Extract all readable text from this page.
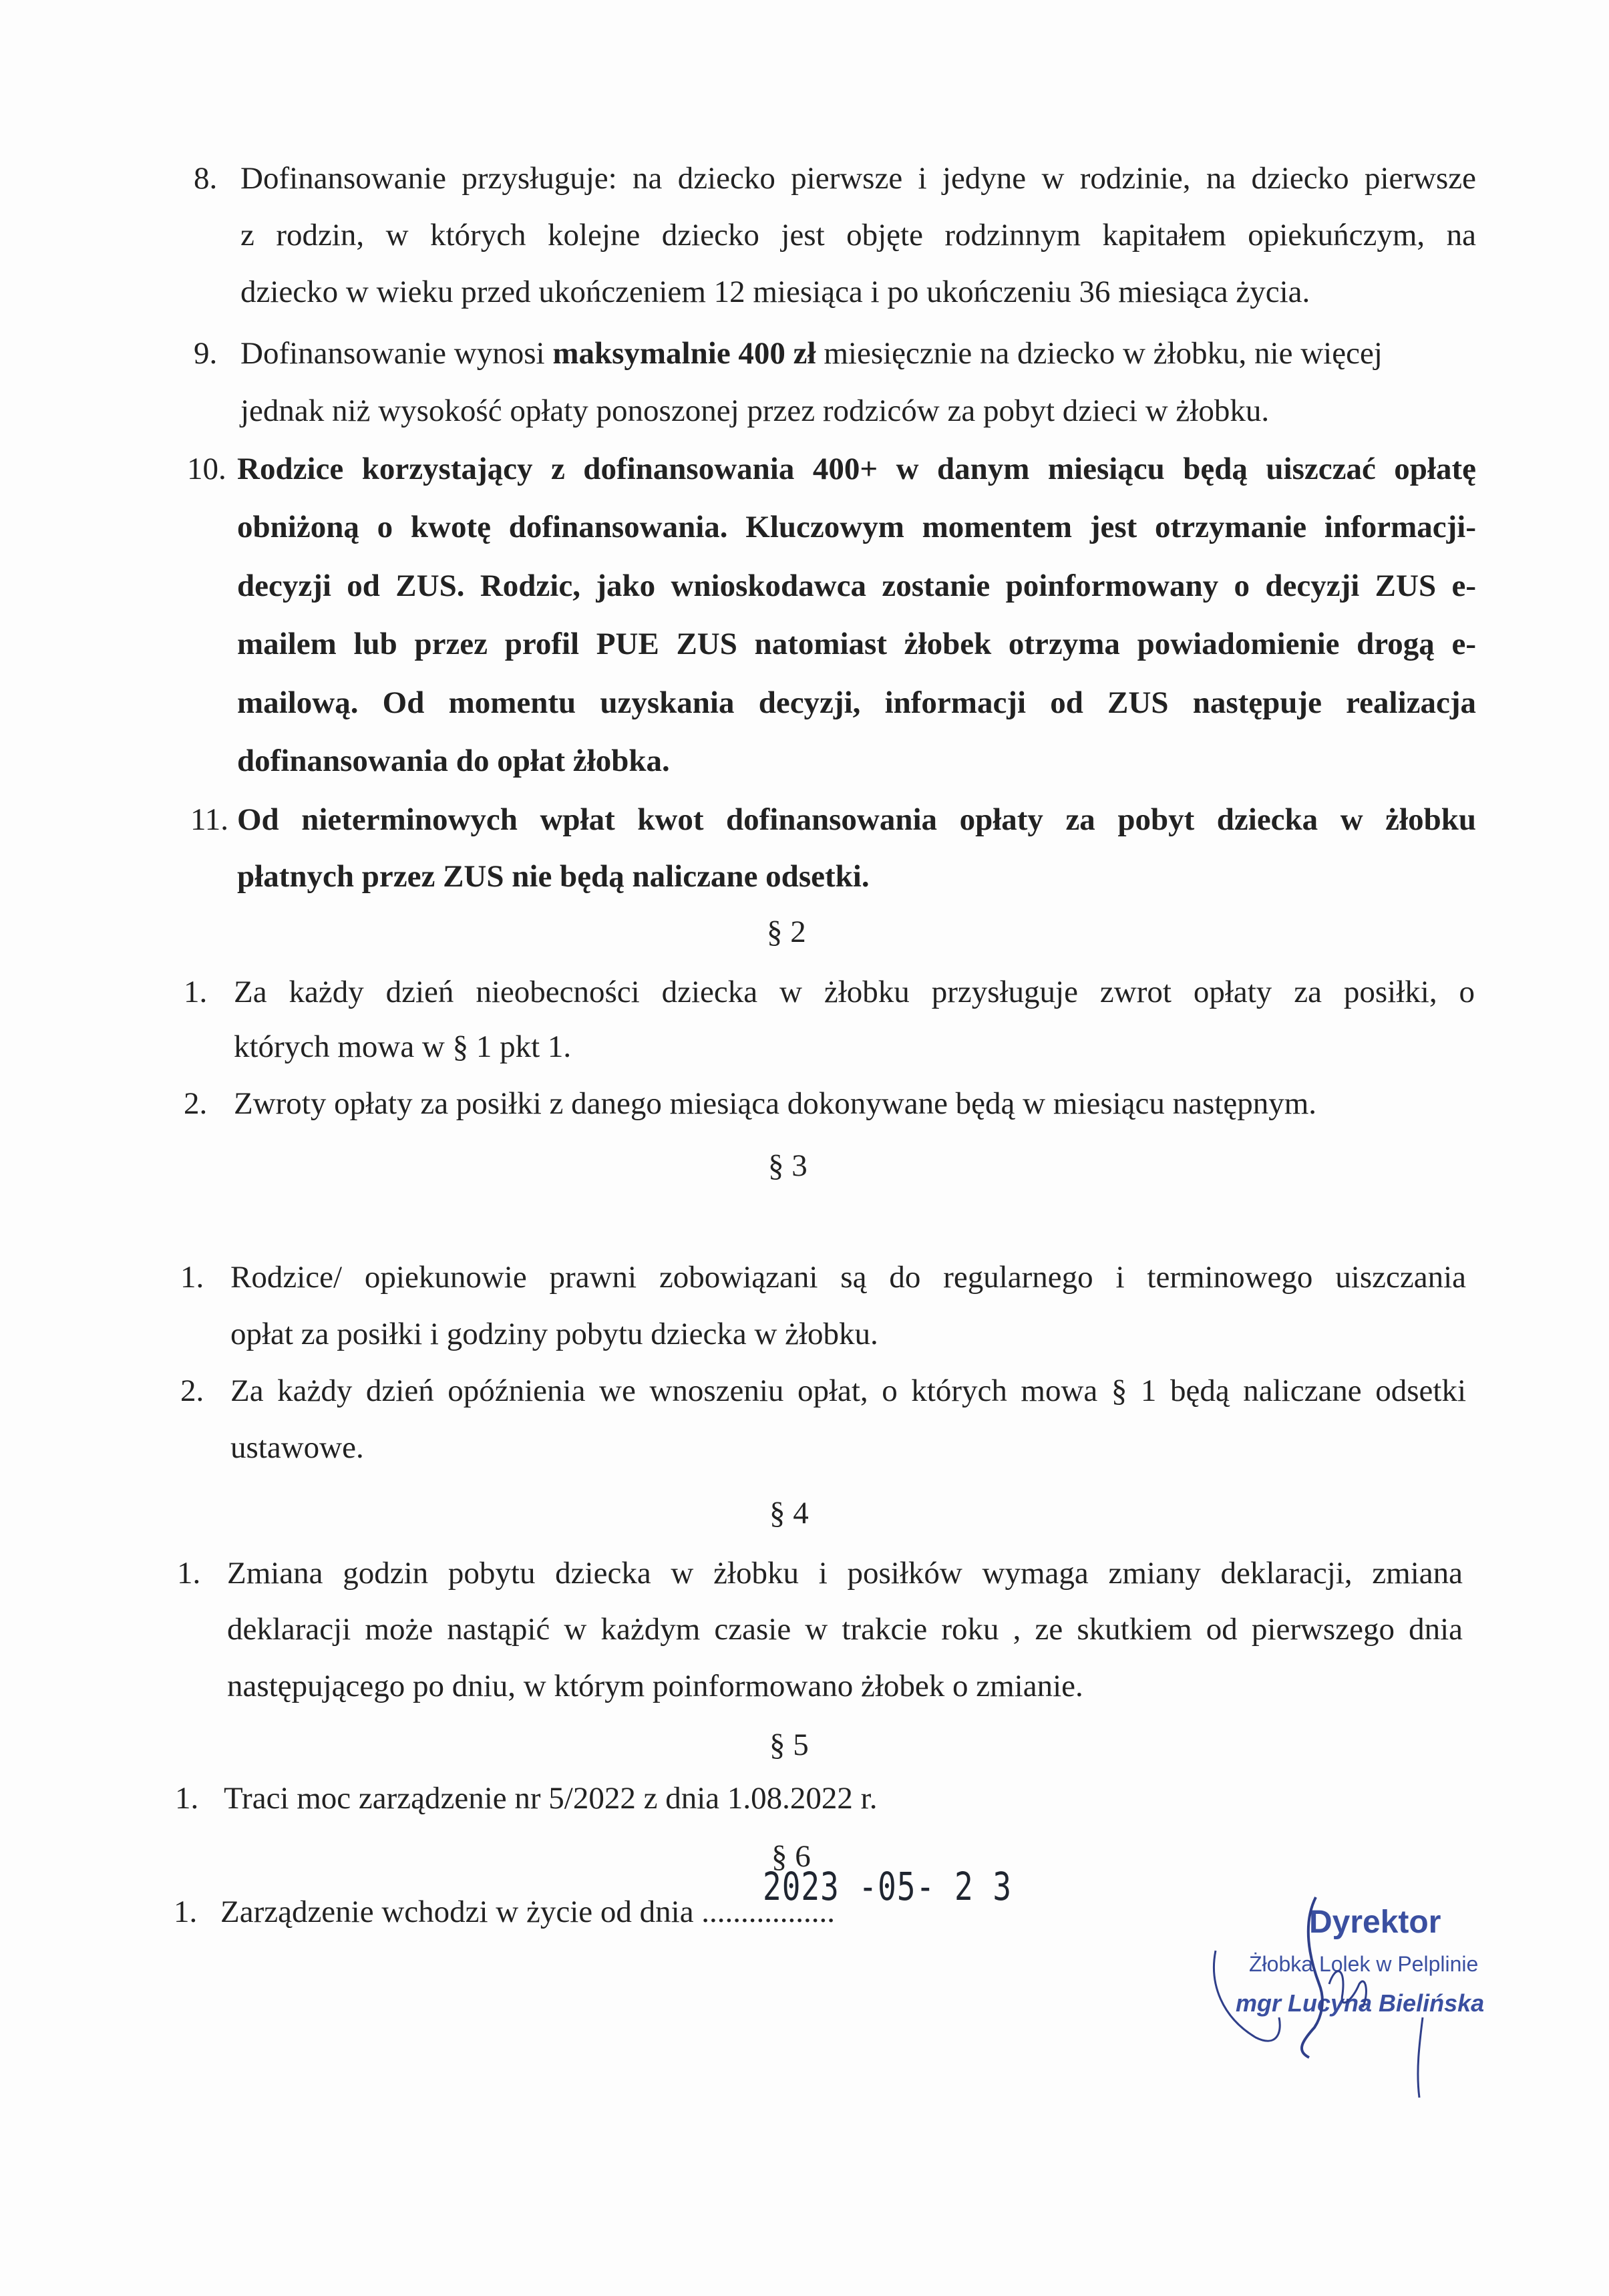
8. Dofinansowanie przysługuje: na dziecko pierwsze i jedyne w rodzinie, na dziecko pierwsze
z rodzin, w których kolejne dziecko jest objęte rodzinnym kapitałem opiekuńczym, na
dziecko w wieku przed ukończeniem 12 miesiąca i po ukończeniu 36 miesiąca życia.
9. Dofinansowanie wynosi maksymalnie 400 zł miesięcznie na dziecko w żłobku, nie więcej
jednak niż wysokość opłaty ponoszonej przez rodziców za pobyt dzieci w żłobku.
10. Rodzice korzystający z dofinansowania 400+ w danym miesiącu będą uiszczać opłatę
obniżoną o kwotę dofinansowania. Kluczowym momentem jest otrzymanie informacji-
decyzji od ZUS. Rodzic, jako wnioskodawca zostanie poinformowany o decyzji ZUS e-
mailem lub przez profil PUE ZUS natomiast żłobek otrzyma powiadomienie drogą e-
mailową. Od momentu uzyskania decyzji, informacji od ZUS następuje realizacja
dofinansowania do opłat żłobka.
11. Od nieterminowych wpłat kwot dofinansowania opłaty za pobyt dziecka w żłobku
płatnych przez ZUS nie będą naliczane odsetki.
§ 2
1. Za każdy dzień nieobecności dziecka w żłobku przysługuje zwrot opłaty za posiłki, o
których mowa w § 1 pkt 1.
2. Zwroty opłaty za posiłki z danego miesiąca dokonywane będą w miesiącu następnym.
§ 3
1. Rodzice/ opiekunowie prawni zobowiązani są do regularnego i terminowego uiszczania
opłat za posiłki i godziny pobytu dziecka w żłobku.
2. Za każdy dzień opóźnienia we wnoszeniu opłat, o których mowa § 1 będą naliczane odsetki
ustawowe.
§ 4
1. Zmiana godzin pobytu dziecka w żłobku i posiłków wymaga zmiany deklaracji, zmiana
deklaracji może nastąpić w każdym czasie w trakcie roku , ze skutkiem od pierwszego dnia
następującego po dniu, w którym poinformowano żłobek o zmianie.
§ 5
1. Traci moc zarządzenie nr 5/2022 z dnia 1.08.2022 r.
§ 6
2023 -05- 2 3
1. Zarządzenie wchodzi w życie od dnia .................	Dyrektor
Żłobka Lolek w Pelplinie
mgr Lucyna Bielińska
